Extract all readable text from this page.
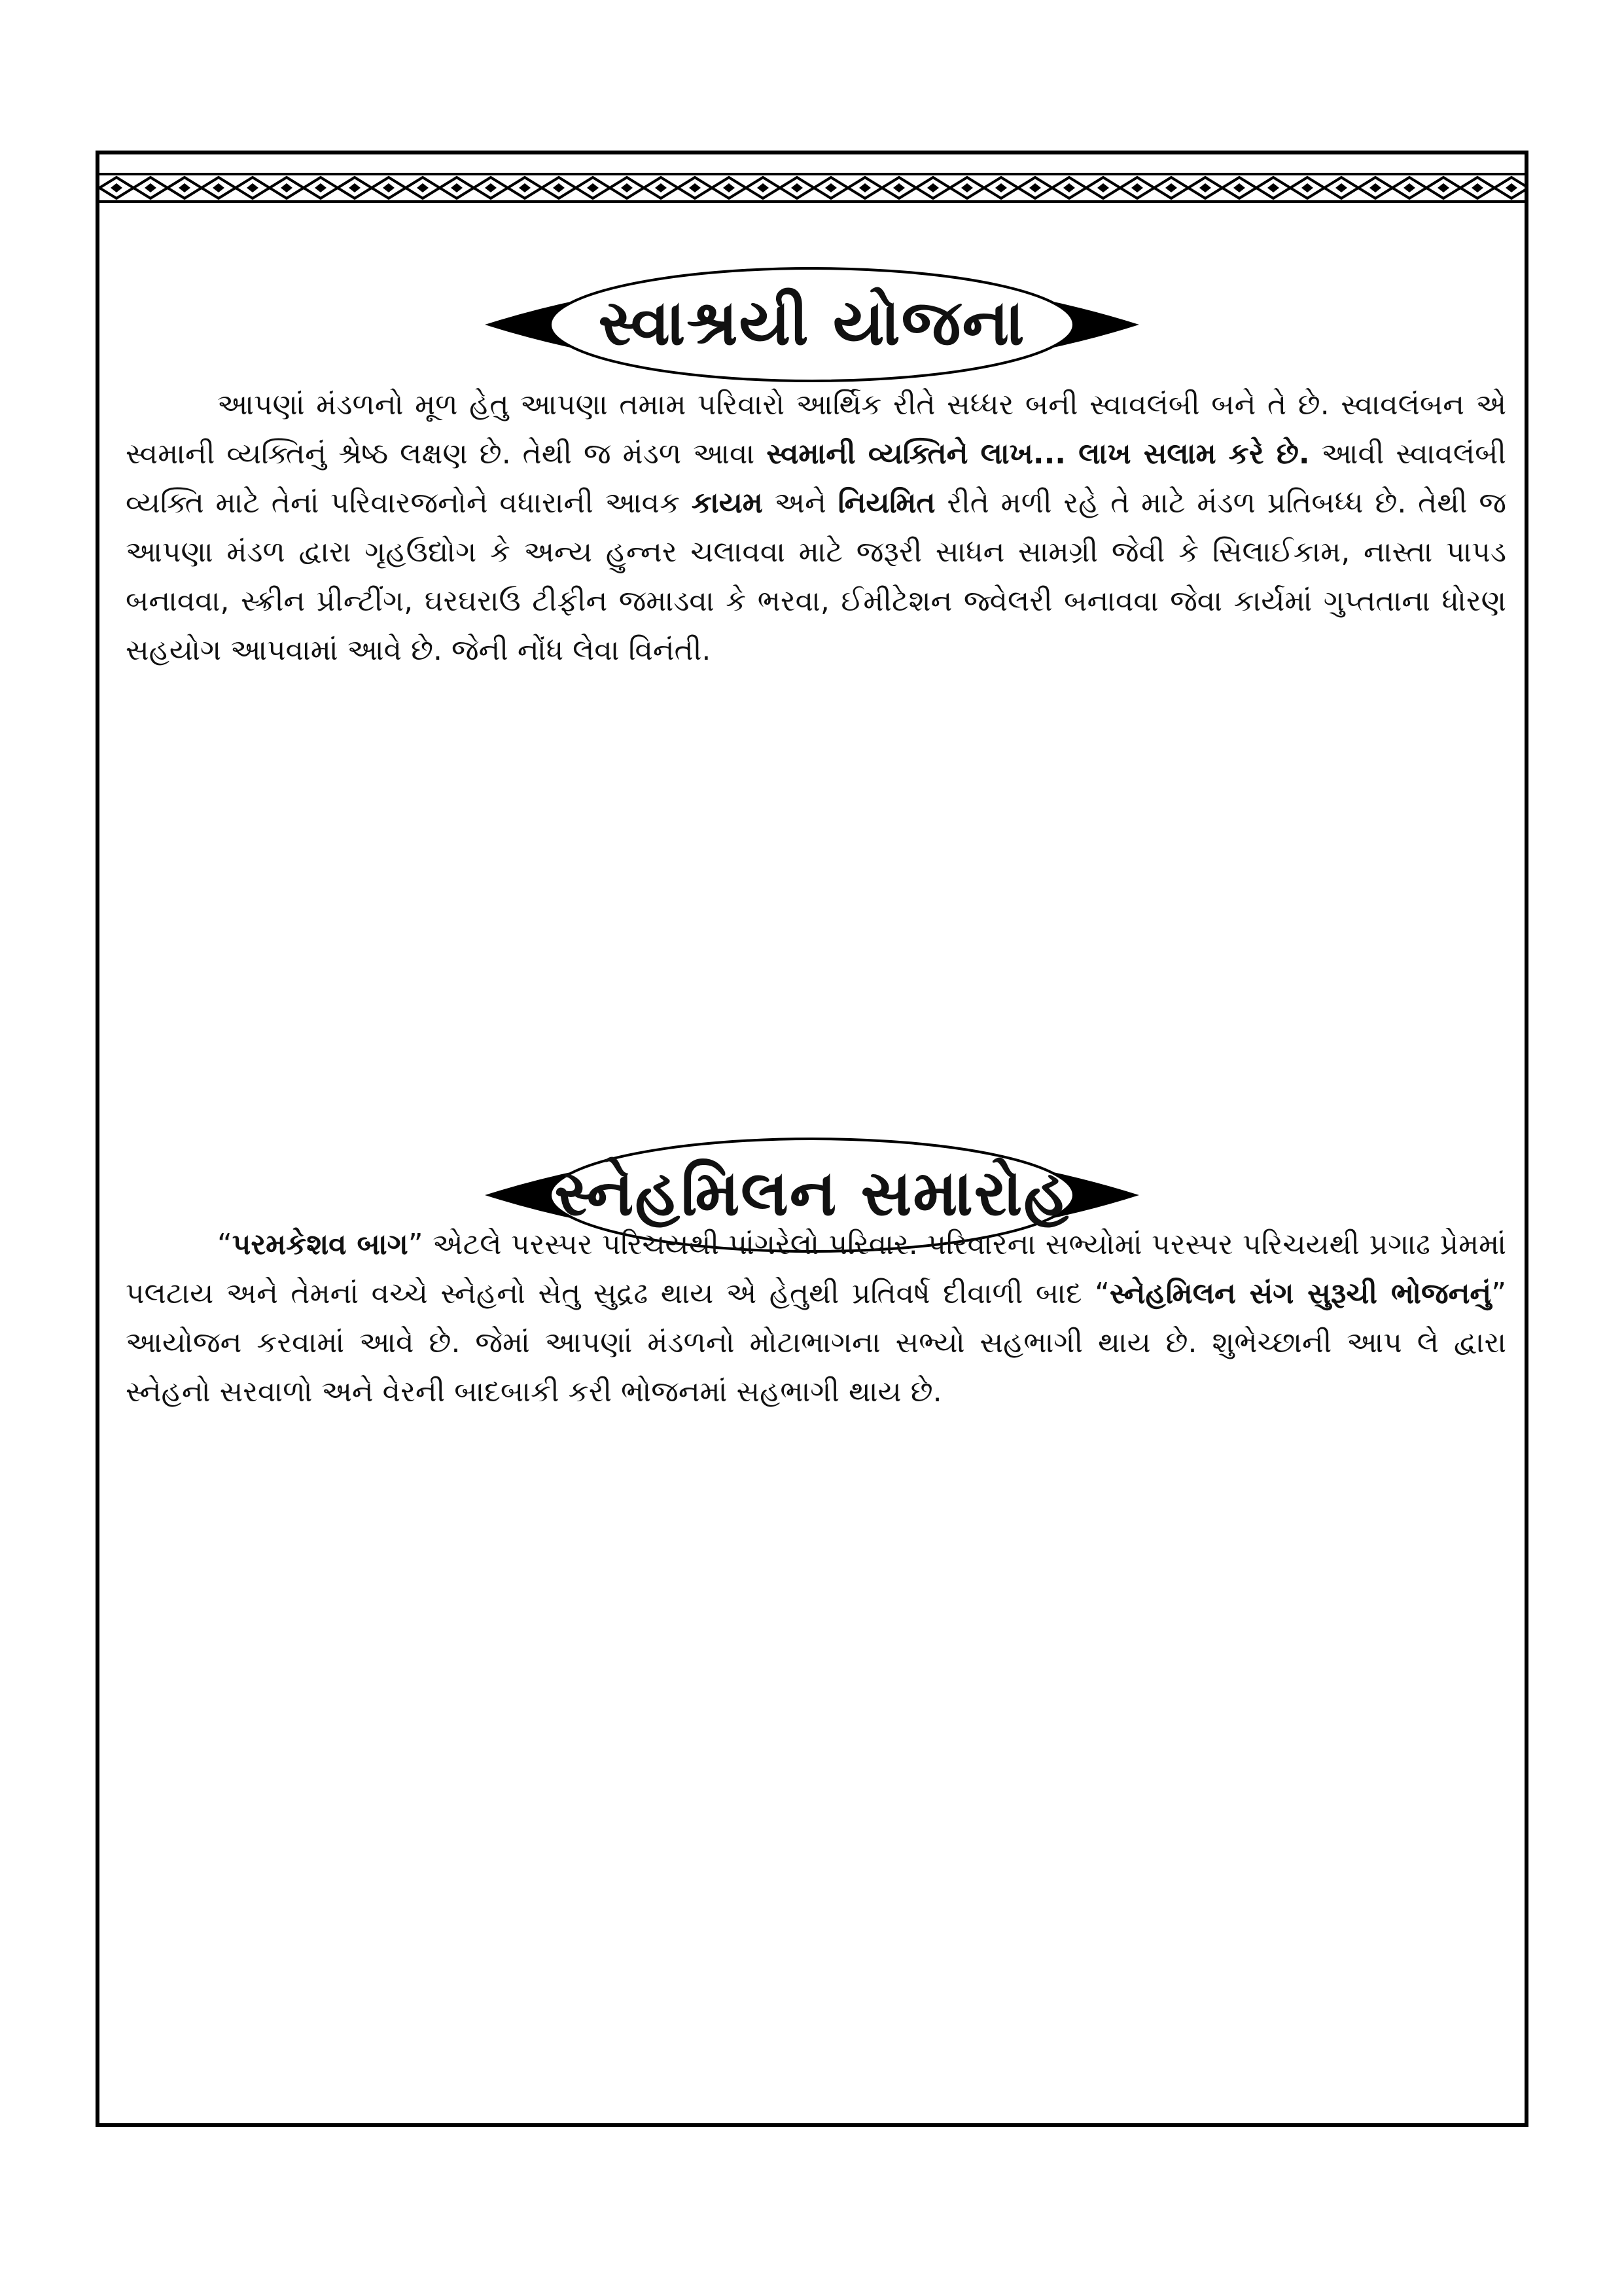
સ્વાશ્રયી યોજના
આપણાં મંડળનો મૂળ હેતુ આપણા તમામ પરિવારો આર્થિક રીતે સધ્ધર બની સ્વાવલંબી બને તે છે. સ્વાવલંબન એ સ્વમાની વ્યક્તિનું શ્રેષ્ઠ લક્ષણ છે. તેથી જ મંડળ આવા સ્વમાની વ્યક્તિને લાખ... લાખ સલામ કરે છે. આવી સ્વાવલંબી વ્યક્તિ માટે તેનાં પરિવારજનોને વધારાની આવક કાયમ અને નિયમિત રીતે મળી રહે તે માટે મંડળ પ્રતિબધ્ધ છે. તેથી જ આપણા મંડળ દ્વારા ગૃહઉદ્યોગ કે અન્ય હુન્નર ચલાવવા માટે જરૂરી સાધન સામગ્રી જેવી કે સિલાઈકામ, નાસ્તા પાપડ બનાવવા, સ્ક્રીન પ્રીન્ટીંગ, ઘરઘરાઉ ટીફીન જમાડવા કે ભરવા, ઈમીટેશન જ્વેલરી બનાવવા જેવા કાર્યમાં ગુપ્તતાના ધોરણ સહયોગ આપવામાં આવે છે. જેની નોંધ લેવા વિનંતી.
સ્નેહમિલન સમારોહ
“પરમકેશવ બાગ” એટલે પરસ્પર પરિચયથી પાંગરેલો પરિવાર. પરિવારના સભ્યોમાં પરસ્પર પરિચયથી પ્રગાઢ પ્રેમમાં પલટાય અને તેમનાં વચ્ચે સ્નેહનો સેતુ સુદ્રઢ થાય એ હેતુથી પ્રતિવર્ષ દીવાળી બાદ “સ્નેહમિલન સંગ સુરૂચી ભોજનનું” આયોજન કરવામાં આવે છે. જેમાં આપણાં મંડળનો મોટાભાગના સભ્યો સહભાગી થાય છે. શુભેચ્છાની આપ લે દ્વારા સ્નેહનો સરવાળો અને વેરની બાદબાકી કરી ભોજનમાં સહભાગી થાય છે.
